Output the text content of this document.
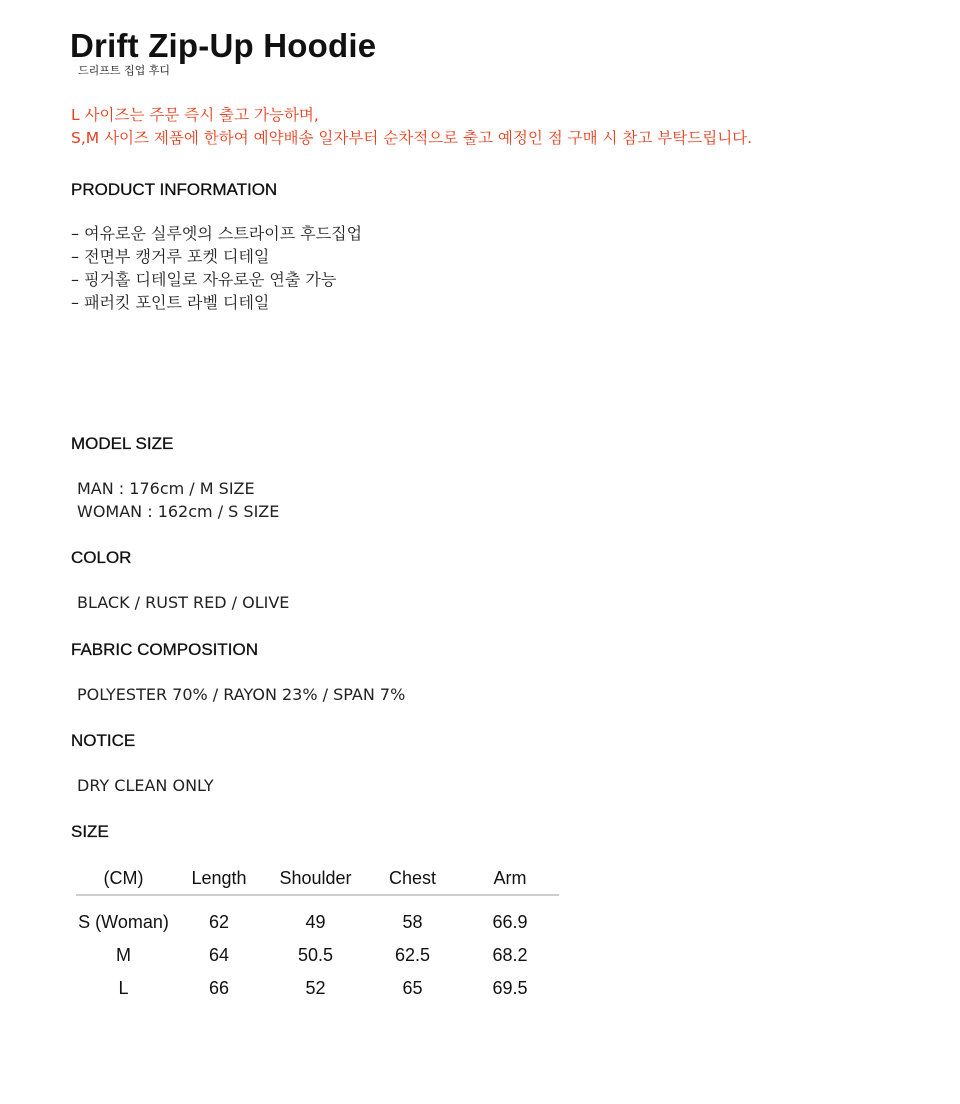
Drift Zip-Up Hoodie
드리프트 집업 후디
L 사이즈는 주문 즉시 출고 가능하며,
S,M 사이즈 제품에 한하여 예약배송 일자부터 순차적으로 출고 예정인 점 구매 시 참고 부탁드립니다.
PRODUCT INFORMATION
– 여유로운 실루엣의 스트라이프 후드집업
– 전면부 캥거루 포켓 디테일
– 핑거홀 디테일로 자유로운 연출 가능
– 패러킷 포인트 라벨 디테일
MODEL SIZE
MAN : 176cm / M SIZE
WOMAN : 162cm / S SIZE
COLOR
BLACK / RUST RED / OLIVE
FABRIC COMPOSITION
POLYESTER 70% / RAYON 23% / SPAN 7%
NOTICE
DRY CLEAN ONLY
SIZE
(CM)	Length	Shoulder	Chest	Arm
S (Woman)	62	49	58	66.9
M	64	50.5	62.5	68.2
L	66	52	65	69.5
